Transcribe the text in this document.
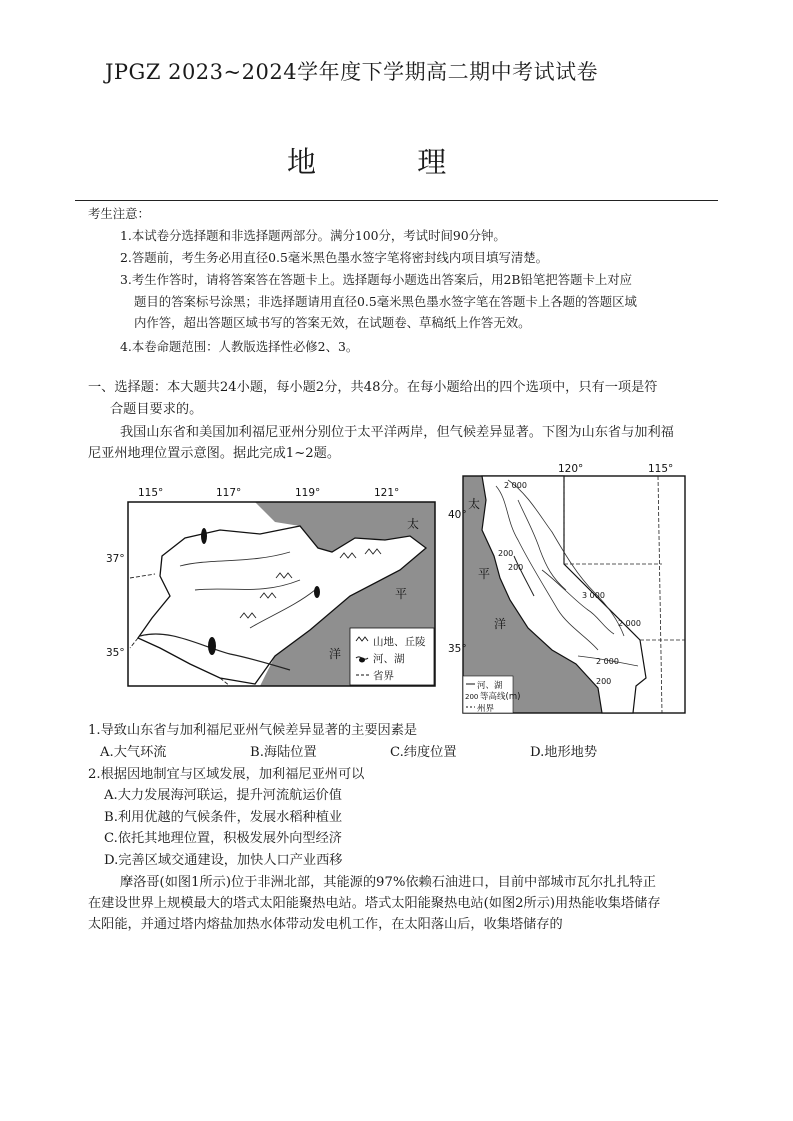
JPGZ 2023~2024学年度下学期高二期中考试试卷
地 理
考生注意：
1.本试卷分选择题和非选择题两部分。满分100分，考试时间90分钟。
2.答题前，考生务必用直径0.5毫米黑色墨水签字笔将密封线内项目填写清楚。
3.考生作答时，请将答案答在答题卡上。选择题每小题选出答案后，用2B铅笔把答题卡上对应
题目的答案标号涂黑；非选择题请用直径0.5毫米黑色墨水签字笔在答题卡上各题的答题区域
内作答，超出答题区域书写的答案无效，在试题卷、草稿纸上作答无效。
4.本卷命题范围：人教版选择性必修2、3。
一、选择题：本大题共24小题，每小题2分，共48分。在每小题给出的四个选项中，只有一项是符
合题目要求的。
我国山东省和美国加利福尼亚州分别位于太平洋两岸，但气候差异显著。下图为山东省与加利福
尼亚州地理位置示意图。据此完成1~2题。
山地、丘陵
河、湖
省界
115°	117°	119°	121°
37°
35°
太
平
洋
河、湖
200 等高线(m)
州界
120°	115°
40°
35°
太
平
洋
2 000
200
200
3 000
2 000
2 000
200
1.导致山东省与加利福尼亚州气候差异显著的主要因素是
A.大气环流	B.海陆位置	C.纬度位置	D.地形地势
2.根据因地制宜与区域发展，加利福尼亚州可以
A.大力发展海河联运，提升河流航运价值
B.利用优越的气候条件，发展水稻种植业
C.依托其地理位置，积极发展外向型经济
D.完善区域交通建设，加快人口产业西移
摩洛哥(如图1所示)位于非洲北部，其能源的97%依赖石油进口，目前中部城市瓦尔扎扎特正
在建设世界上规模最大的塔式太阳能聚热电站。塔式太阳能聚热电站(如图2所示)用热能收集塔储存
太阳能，并通过塔内熔盐加热水体带动发电机工作，在太阳落山后，收集塔储存的
